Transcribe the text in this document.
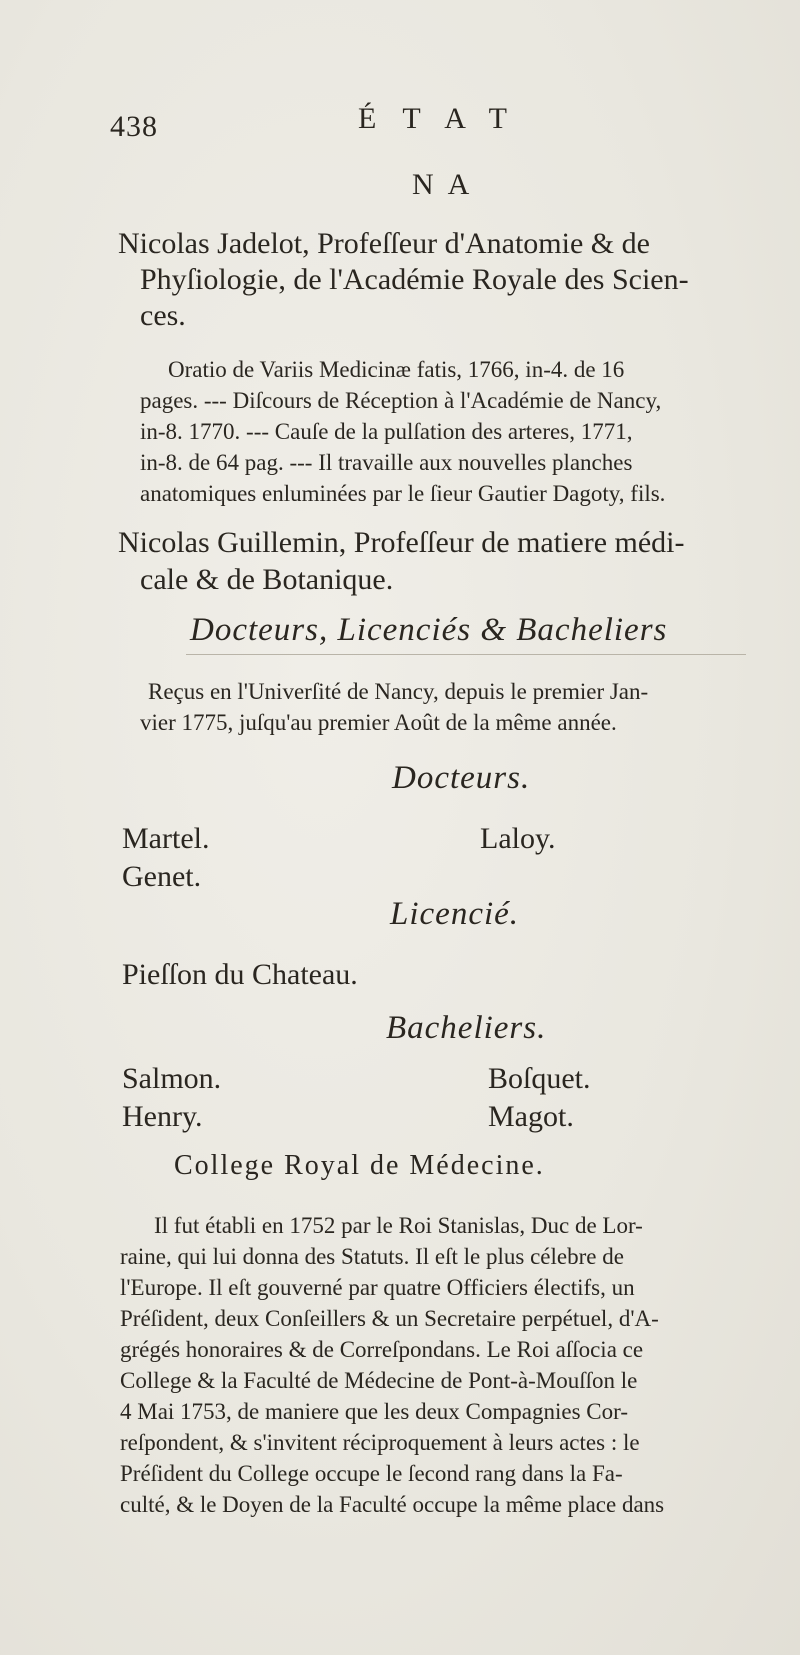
438	ÉTAT
NA
Nicolas Jadelot, Profeſſeur d'Anatomie & de
Phyſiologie, de l'Académie Royale des Scien-
ces.
Oratio de Variis Medicinæ fatis, 1766, in-4. de 16
pages. --- Diſcours de Réception à l'Académie de Nancy,
in-8. 1770. --- Cauſe de la pulſation des arteres, 1771,
in-8. de 64 pag. --- Il travaille aux nouvelles planches
anatomiques enluminées par le ſieur Gautier Dagoty, fils.
Nicolas Guillemin, Profeſſeur de matiere médi-
cale & de Botanique.
Docteurs, Licenciés & Bacheliers
Reçus en l'Univerſité de Nancy, depuis le premier Jan-
vier 1775, juſqu'au premier Août de la même année.
Docteurs.
Martel.
Genet.
Laloy.
Licencié.
Pieſſon du Chateau.
Bacheliers.
Salmon.
Henry.
Boſquet.
Magot.
College Royal de Médecine.
Il fut établi en 1752 par le Roi Stanislas, Duc de Lor-
raine, qui lui donna des Statuts. Il eſt le plus célebre de
l'Europe. Il eſt gouverné par quatre Officiers électifs, un
Préſident, deux Conſeillers & un Secretaire perpétuel, d'A-
grégés honoraires & de Correſpondans. Le Roi aſſocia ce
College & la Faculté de Médecine de Pont-à-Mouſſon le
4 Mai 1753, de maniere que les deux Compagnies Cor-
reſpondent, & s'invitent réciproquement à leurs actes : le
Préſident du College occupe le ſecond rang dans la Fa-
culté, & le Doyen de la Faculté occupe la même place dans
